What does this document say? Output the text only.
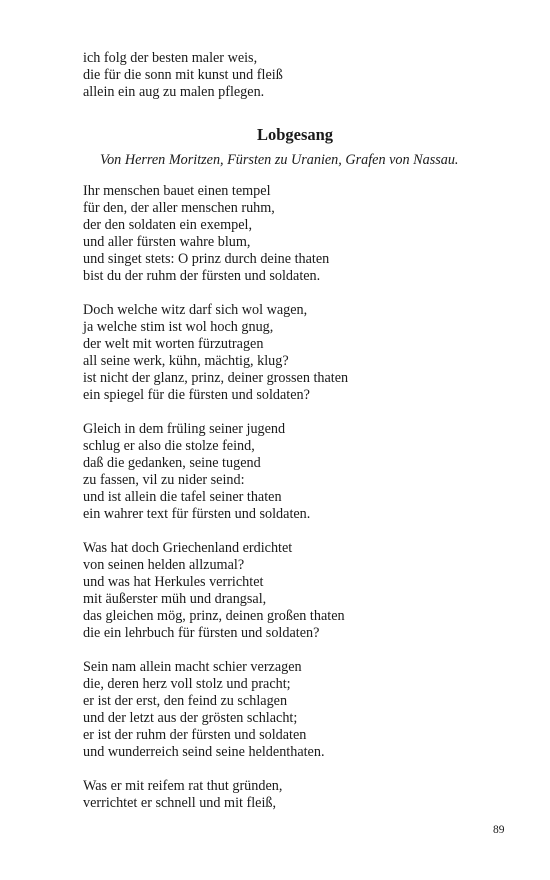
ich folg der besten maler weis,
die für die sonn mit kunst und fleiß
allein ein aug zu malen pflegen.
Lobgesang
Von Herren Moritzen, Fürsten zu Uranien, Grafen von Nassau.
Ihr menschen bauet einen tempel
für den, der aller menschen ruhm,
der den soldaten ein exempel,
und aller fürsten wahre blum,
und singet stets: O prinz durch deine thaten
bist du der ruhm der fürsten und soldaten.
Doch welche witz darf sich wol wagen,
ja welche stim ist wol hoch gnug,
der welt mit worten fürzutragen
all seine werk, kühn, mächtig, klug?
ist nicht der glanz, prinz, deiner grossen thaten
ein spiegel für die fürsten und soldaten?
Gleich in dem früling seiner jugend
schlug er also die stolze feind,
daß die gedanken, seine tugend
zu fassen, vil zu nider seind:
und ist allein die tafel seiner thaten
ein wahrer text für fürsten und soldaten.
Was hat doch Griechenland erdichtet
von seinen helden allzumal?
und was hat Herkules verrichtet
mit äußerster müh und drangsal,
das gleichen mög, prinz, deinen großen thaten
die ein lehrbuch für fürsten und soldaten?
Sein nam allein macht schier verzagen
die, deren herz voll stolz und pracht;
er ist der erst, den feind zu schlagen
und der letzt aus der grösten schlacht;
er ist der ruhm der fürsten und soldaten
und wunderreich seind seine heldenthaten.
Was er mit reifem rat thut gründen,
verrichtet er schnell und mit fleiß,
89
